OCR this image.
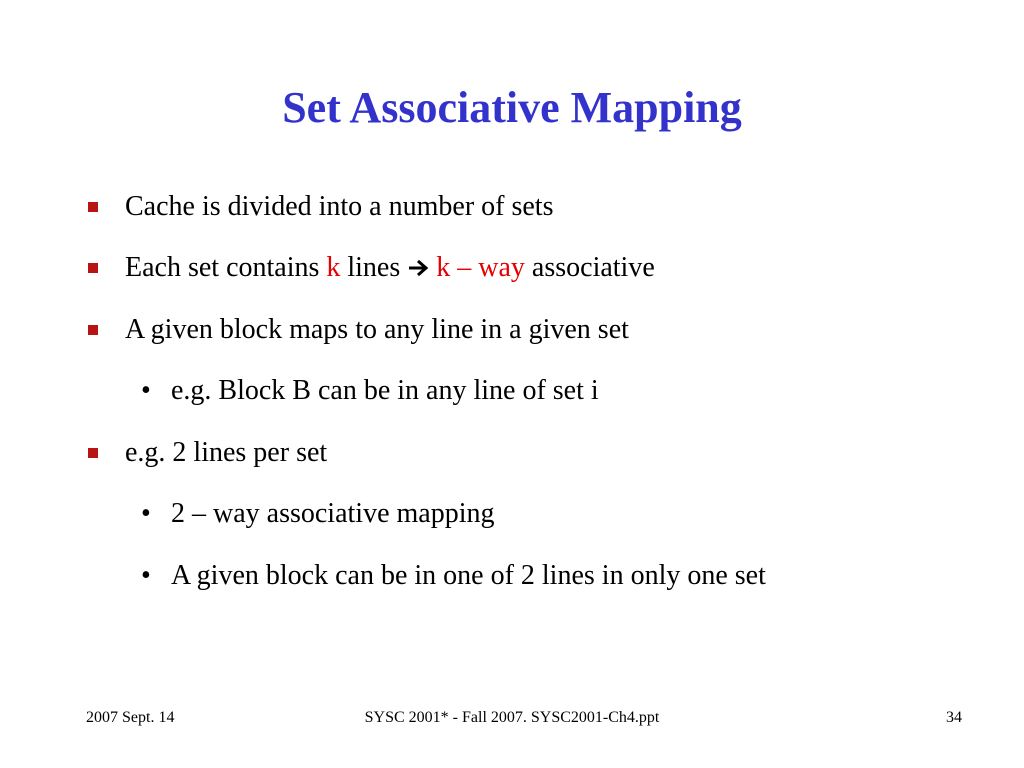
Set Associative Mapping
Cache is divided into a number of sets
Each set contains k lines k – way associative
A given block maps to any line in a given set
• e.g. Block B can be in any line of set i
e.g. 2 lines per set
• 2 – way associative mapping
• A given block can be in one of 2 lines in only one set
2007 Sept. 14	SYSC 2001* - Fall 2007. SYSC2001-Ch4.ppt	34
